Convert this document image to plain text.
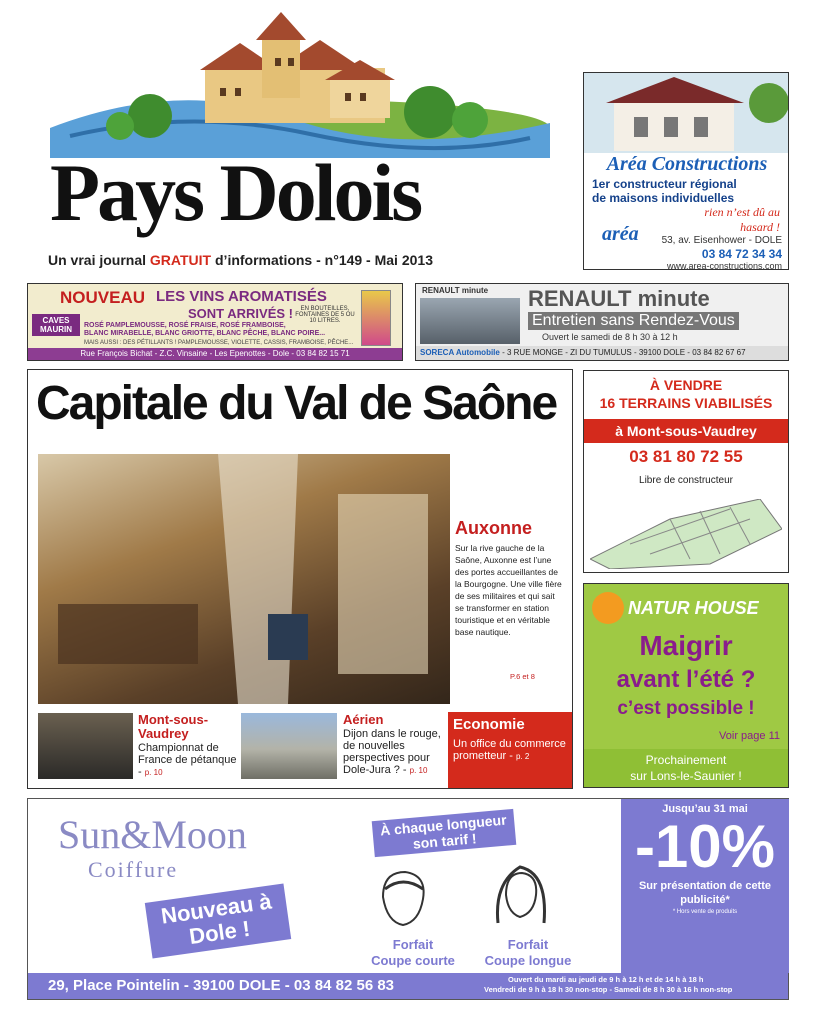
Pays Dolois
Un vrai journal GRATUIT d’informations - n°149 - Mai 2013
Aréa Constructions
1er constructeur régional
de maisons individuelles
rien n’est dû au hasard !
aréa 53, av. Eisenhower - DOLE
03 84 72 34 34
www.area-constructions.com
NOUVEAU LES VINS AROMATISÉS
SONT ARRIVÉS !	EN BOUTEILLES, FONTAINES DE 5 OU 10 LITRES.
CAVES MAURIN	ROSÉ PAMPLEMOUSSE, ROSÉ FRAISE, ROSÉ FRAMBOISE,
BLANC MIRABELLE, BLANC GRIOTTE, BLANC PÊCHE, BLANC POIRE...
MAIS AUSSI : DES PÉTILLANTS ! PAMPLEMOUSSE, VIOLETTE, CASSIS, FRAMBOISE, PÊCHE...
Rue François Bichat - Z.C. Vinsaine - Les Epenottes - Dole - 03 84 82 15 71
RENAULT minute RENAULT minute
Entretien sans Rendez-Vous
Ouvert le samedi de 8 h 30 à 12 h
SORECA Automobile - 3 RUE MONGE - ZI DU TUMULUS - 39100 DOLE - 03 84 82 67 67
Capitale du Val de Saône
Auxonne
Sur la rive gauche de la Saône, Auxonne est l’une des portes accueillantes de la Bourgogne. Une ville fière de ses militaires et qui sait se transformer en station touristique et en véritable base nautique.
P.6 et 8
Mont-sous-Vaudrey
Championnat de France de pétanque - p. 10
Aérien
Dijon dans le rouge, de nouvelles perspectives pour Dole-Jura ? - p. 10
Economie
Un office du commerce prometteur - p. 2
À VENDRE
16 TERRAINS VIABILISÉS
à Mont-sous-Vaudrey
03 81 80 72 55
Libre de constructeur
NATUR HOUSE
Maigrir
avant l’été ?
c’est possible !
Voir page 11
Prochainement
sur Lons-le-Saunier !
Sun&Moon
Coiffure
À chaque longueur son tarif !
Nouveau à Dole !	Forfait
Coupe courte
Forfait
Coupe longue
Jusqu’au 31 mai
-10%
Sur présentation de cette publicité*
* Hors vente de produits
29, Place Pointelin - 39100 DOLE - 03 84 82 56 83	Ouvert du mardi au jeudi de 9 h à 12 h et de 14 h à 18 h
Vendredi de 9 h à 18 h 30 non-stop - Samedi de 8 h 30 à 16 h non-stop
